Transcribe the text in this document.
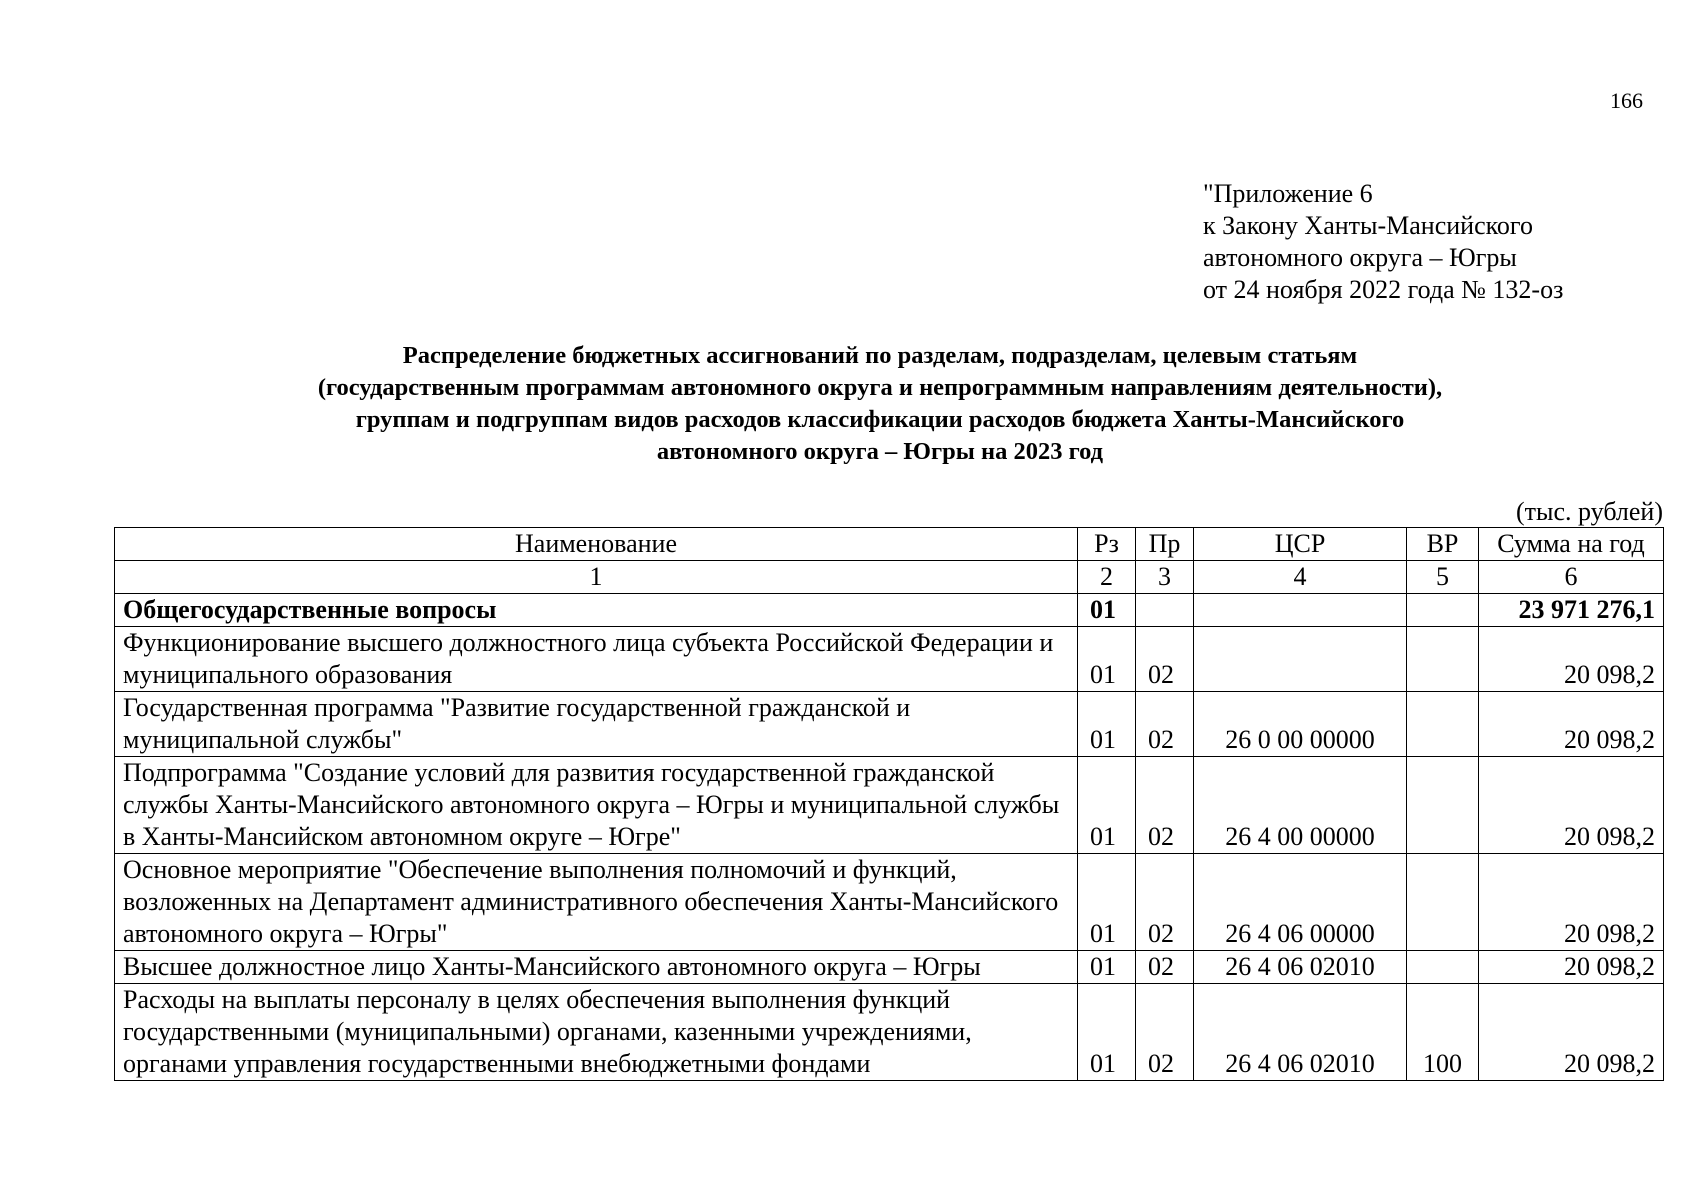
166
"Приложение 6
к Закону Ханты-Мансийского
автономного округа – Югры
от 24 ноября 2022 года № 132-оз
Распределение бюджетных ассигнований по разделам, подразделам, целевым статьям
(государственным программам автономного округа и непрограммным направлениям деятельности),
группам и подгруппам видов расходов классификации расходов бюджета Ханты-Мансийского
автономного округа – Югры на 2023 год
(тыс. рублей)
Наименование	Рз	Пр	ЦСР	ВР	Сумма на год
1	2	3	4	5	6
Общегосударственные вопросы	01				23 971 276,1
Функционирование высшего должностного лица субъекта Российской Федерации и муниципального образования	01	02			20 098,2
Государственная программа "Развитие государственной гражданской и муниципальной службы"	01	02	26 0 00 00000		20 098,2
Подпрограмма "Создание условий для развития государственной гражданской службы Ханты-Мансийского автономного округа – Югры и муниципальной службы в Ханты-Мансийском автономном округе – Югре"	01	02	26 4 00 00000		20 098,2
Основное мероприятие "Обеспечение выполнения полномочий и функций, возложенных на Департамент административного обеспечения Ханты-Мансийского автономного округа – Югры"	01	02	26 4 06 00000		20 098,2
Высшее должностное лицо Ханты-Мансийского автономного округа – Югры	01	02	26 4 06 02010		20 098,2
Расходы на выплаты персоналу в целях обеспечения выполнения функций государственными (муниципальными) органами, казенными учреждениями, органами управления государственными внебюджетными фондами	01	02	26 4 06 02010	100	20 098,2
